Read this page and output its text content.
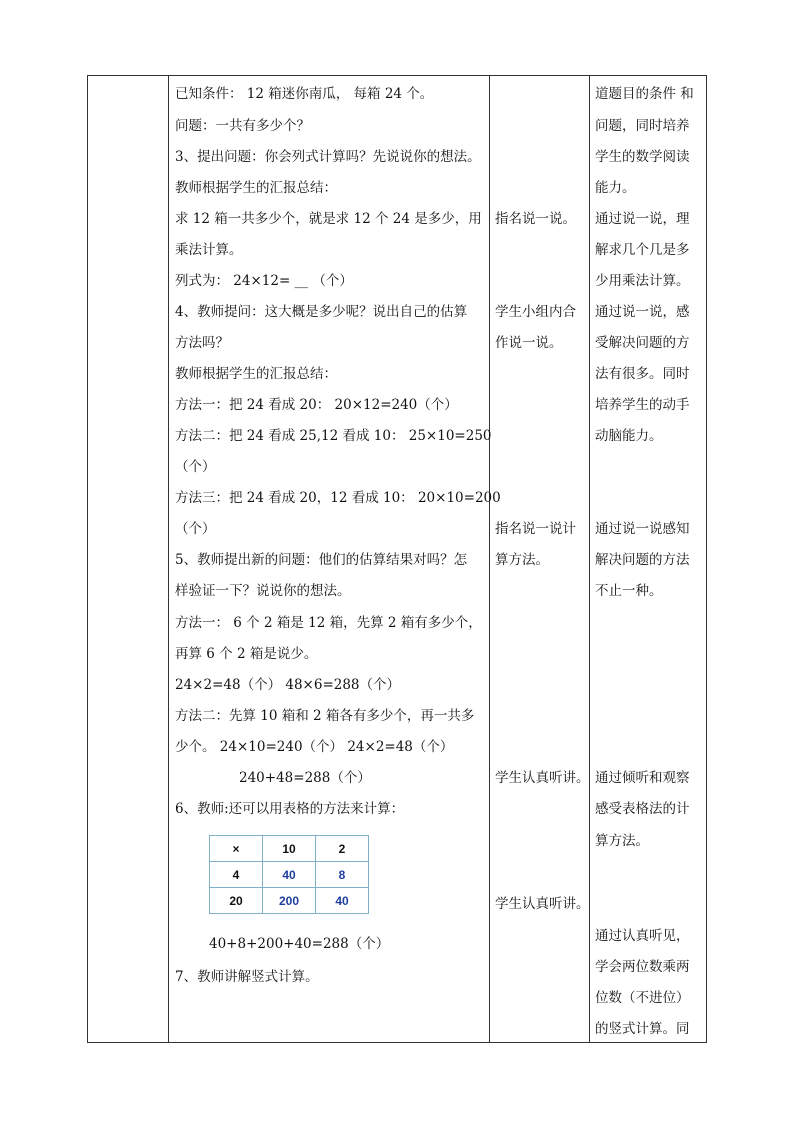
已知条件： 12 箱迷你南瓜， 每箱 24 个。
问题：一共有多少个？
3、提出问题：你会列式计算吗？先说说你的想法。
教师根据学生的汇报总结：
求 12 箱一共多少个，就是求 12 个 24 是多少，用
乘法计算。
列式为： 24×12= __ （个）
4、教师提问：这大概是多少呢？说出自己的估算
方法吗？
教师根据学生的汇报总结：
方法一：把 24 看成 20： 20×12=240（个）
方法二：把 24 看成 25,12 看成 10： 25×10=250
（个）
方法三：把 24 看成 20，12 看成 10： 20×10=200
（个）
5、教师提出新的问题：他们的估算结果对吗？怎
样验证一下？说说你的想法。
方法一： 6 个 2 箱是 12 箱，先算 2 箱有多少个，
再算 6 个 2 箱是说少。
24×2=48（个） 48×6=288（个）
方法二：先算 10 箱和 2 箱各有多少个，再一共多
少个。 24×10=240（个） 24×2=48（个）
240+48=288（个）
6、教师:还可以用表格的方法来计算：
40+8+200+40=288（个）
7、教师讲解竖式计算。
×	10	2
4	40	8
20	200	40
指名说一说。
学生小组内合
作说一说。
指名说一说计
算方法。
学生认真听讲。
学生认真听讲。
道题目的条件 和
问题，同时培养
学生的数学阅读
能力。
通过说一说，理
解求几个几是多
少用乘法计算。
通过说一说，感
受解决问题的方
法有很多。同时
培养学生的动手
动脑能力。
通过说一说感知
解决问题的方法
不止一种。
通过倾听和观察
感受表格法的计
算方法。
通过认真听见，
学会两位数乘两
位数（不进位）
的竖式计算。同
